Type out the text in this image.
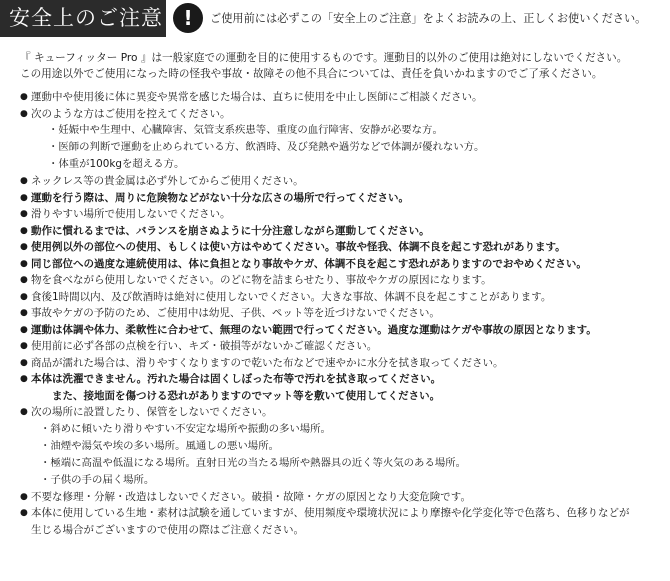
安全上のご注意	!	ご使用前には必ずこの「安全上のご注意」をよくお読みの上、正しくお使いください。
『 キューフィッター Pro 』は一般家庭での運動を目的に使用するものです。運動目的以外のご使用は絶対にしないでください。
この用途以外でご使用になった時の怪我や事故・故障その他不具合については、責任を負いかねますのでご了承ください。
● 運動中や使用後に体に異変や異常を感じた場合は、直ちに使用を中止し医師にご相談ください。
● 次のような方はご使用を控えてください。
・妊娠中や生理中、心臓障害、気管支系疾患等、重度の血行障害、安静が必要な方。
・医師の判断で運動を止められている方、飲酒時、及び発熱や過労などで体調が優れない方。
・体重が100kgを超える方。
● ネックレス等の貴金属は必ず外してからご使用ください。
● 運動を行う際は、周りに危険物などがない十分な広さの場所で行ってください。
● 滑りやすい場所で使用しないでください。
● 動作に慣れるまでは、バランスを崩さぬように十分注意しながら運動してください。
● 使用例以外の部位への使用、もしくは使い方はやめてください。事故や怪我、体調不良を起こす恐れがあります。
● 同じ部位への過度な連続使用は、体に負担となり事故やケガ、体調不良を起こす恐れがありますのでおやめください。
● 物を食べながら使用しないでください。のどに物を詰まらせたり、事故やケガの原因になります。
● 食後1時間以内、及び飲酒時は絶対に使用しないでください。大きな事故、体調不良を起こすことがあります。
● 事故やケガの予防のため、ご使用中は幼児、子供、ペット等を近づけないでください。
● 運動は体調や体力、柔軟性に合わせて、無理のない範囲で行ってください。過度な運動はケガや事故の原因となります。
● 使用前に必ず各部の点検を行い、キズ・破損等がないかご確認ください。
● 商品が濡れた場合は、滑りやすくなりますので乾いた布などで速やかに水分を拭き取ってください。
● 本体は洗濯できません。汚れた場合は固くしぼった布等で汚れを拭き取ってください。
また、接地面を傷つける恐れがありますのでマット等を敷いて使用してください。
● 次の場所に設置したり、保管をしないでください。
・斜めに傾いたり滑りやすい不安定な場所や振動の多い場所。
・油煙や湯気や埃の多い場所。風通しの悪い場所。
・極端に高温や低温になる場所。直射日光の当たる場所や熱器具の近く等火気のある場所。
・子供の手の届く場所。
● 不要な修理・分解・改造はしないでください。破損・故障・ケガの原因となり大変危険です。
● 本体に使用している生地・素材は試験を通していますが、使用頻度や環境状況により摩擦や化学変化等で色落ち、色移りなどが
生じる場合がございますので使用の際はご注意ください。
